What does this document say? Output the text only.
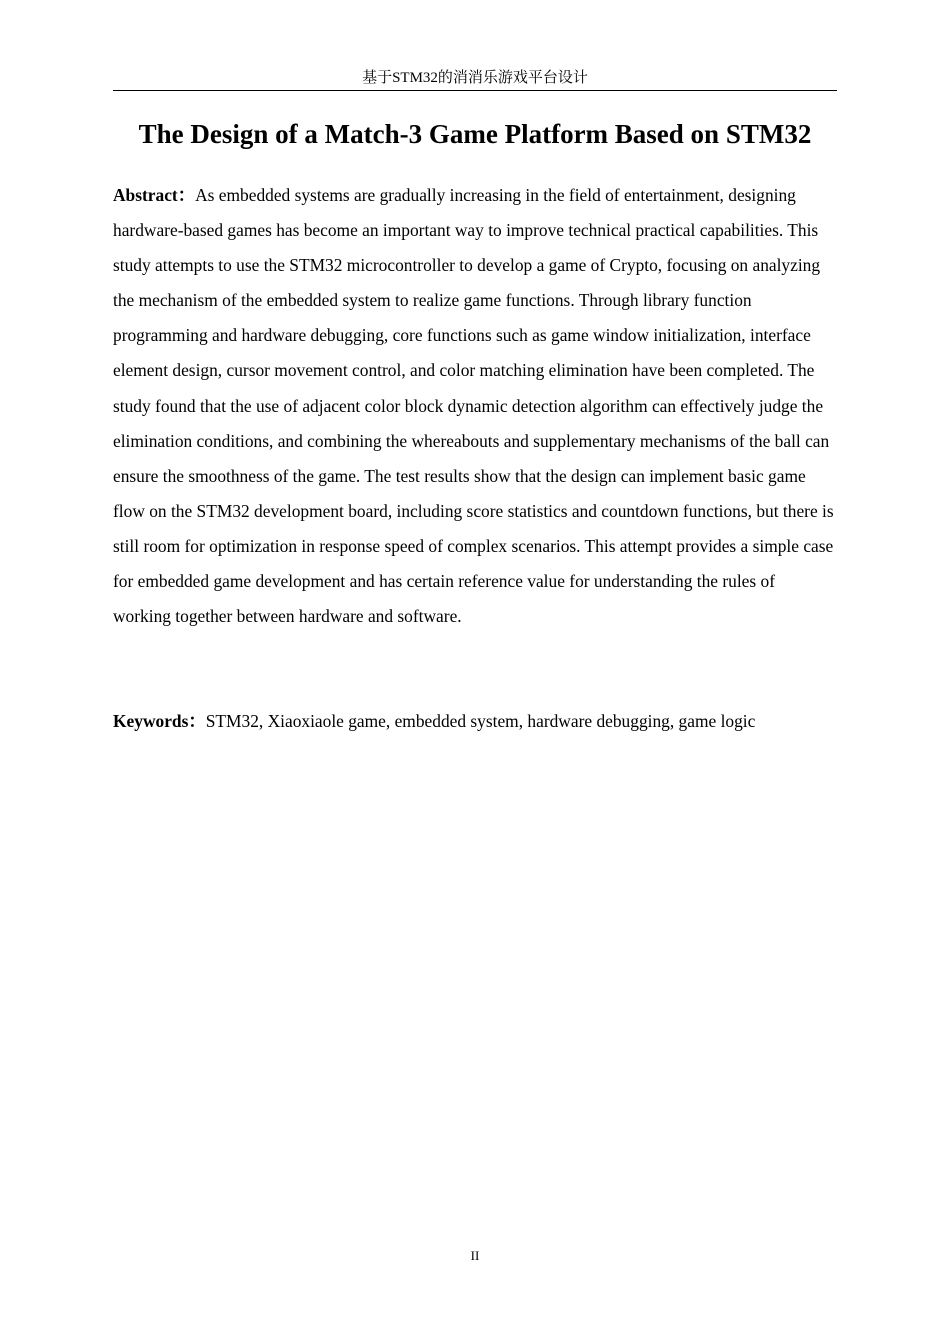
基于STM32的消消乐游戏平台设计
The Design of a Match-3 Game Platform Based on STM32

Abstract：As embedded systems are gradually increasing in the field of entertainment, designing hardware-based games has become an important way to improve technical practical capabilities. This study attempts to use the STM32 microcontroller to develop a game of Crypto, focusing on analyzing the mechanism of the embedded system to realize game functions. Through library function programming and hardware debugging, core functions such as game window initialization, interface element design, cursor movement control, and color matching elimination have been completed. The study found that the use of adjacent color block dynamic detection algorithm can effectively judge the elimination conditions, and combining the whereabouts and supplementary mechanisms of the ball can ensure the smoothness of the game. The test results show that the design can implement basic game flow on the STM32 development board, including score statistics and countdown functions, but there is still room for optimization in response speed of complex scenarios. This attempt provides a simple case for embedded game development and has certain reference value for understanding the rules of working together between hardware and software.

Keywords：STM32, Xiaoxiaole game, embedded system, hardware debugging, game logic

II
